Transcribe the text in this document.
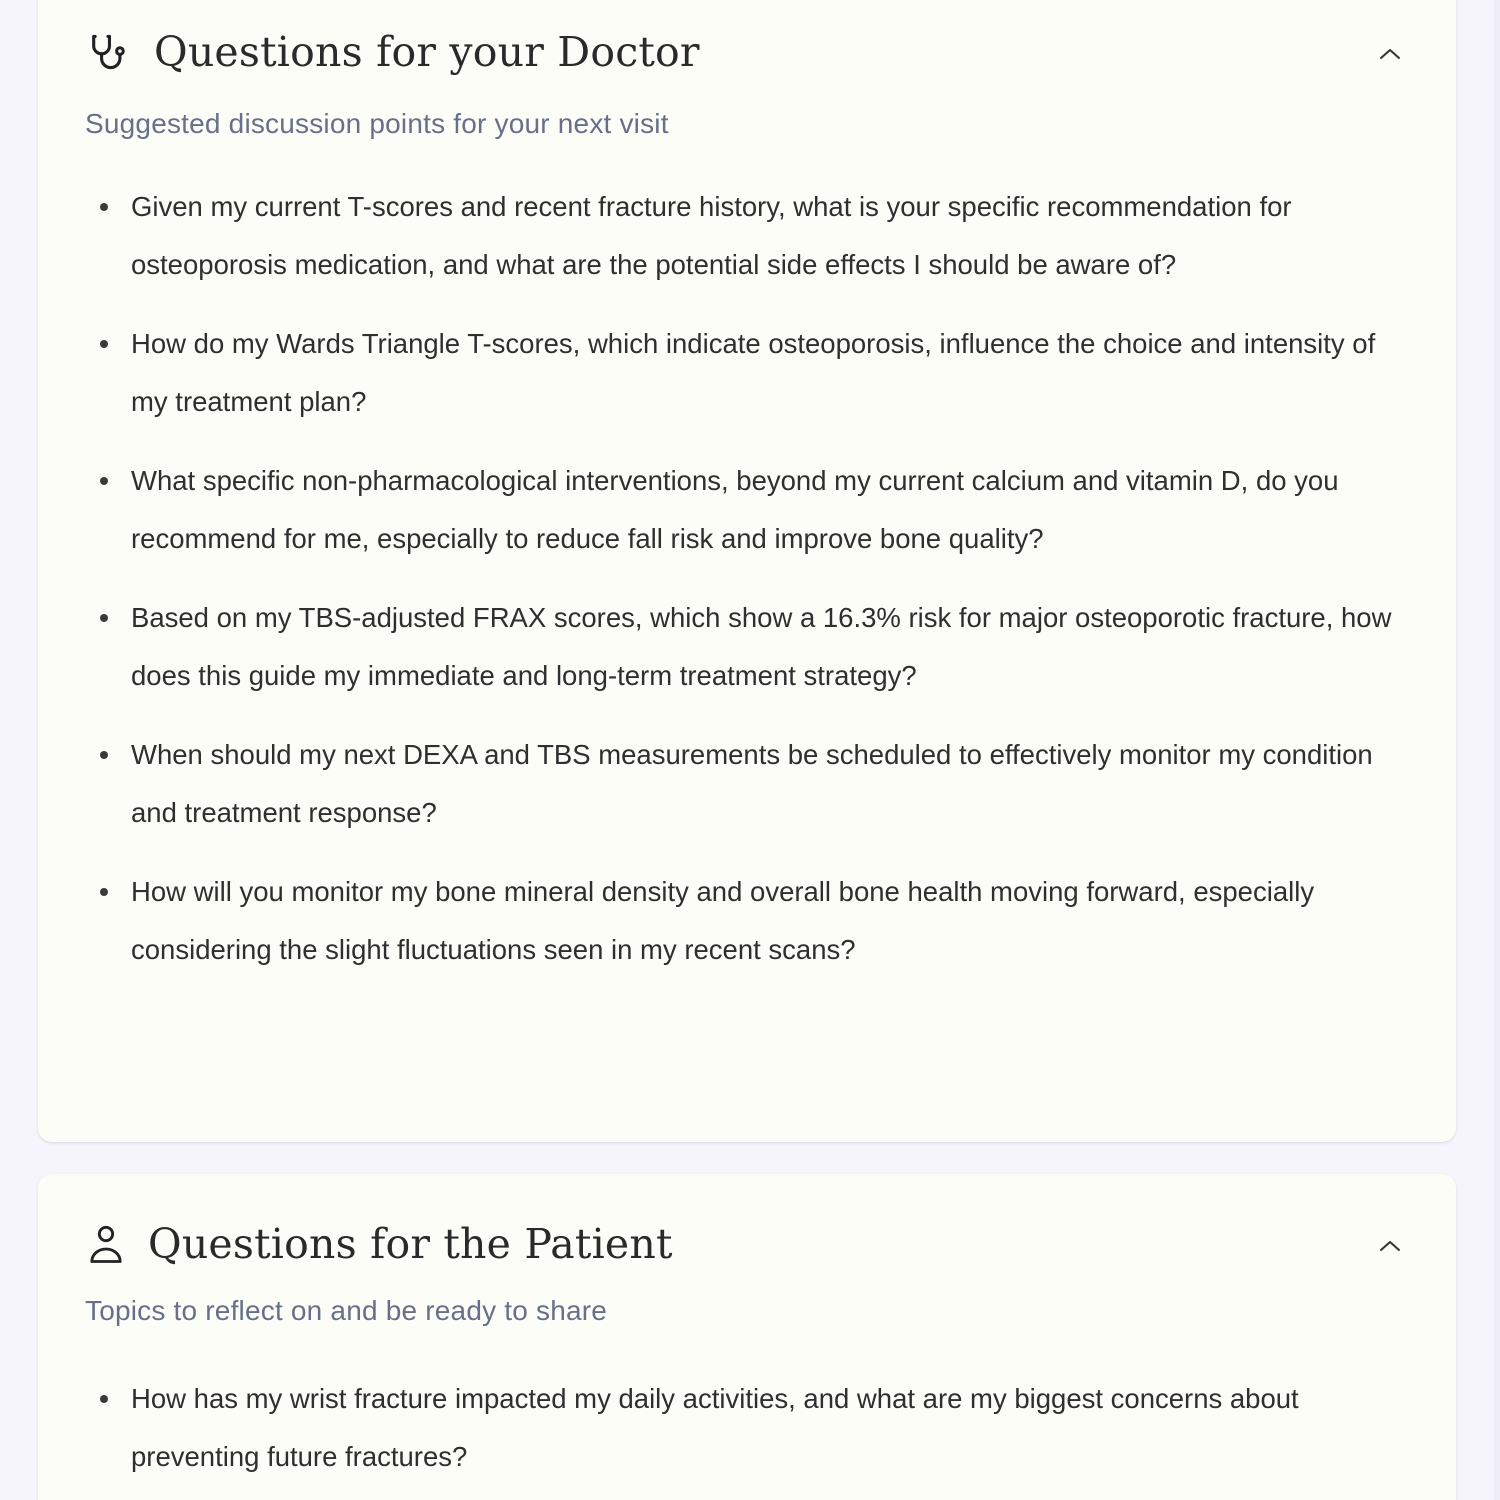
Questions for your Doctor
Suggested discussion points for your next visit
Given my current T-scores and recent fracture history, what is your specific recommendation for osteoporosis medication, and what are the potential side effects I should be aware of?
How do my Wards Triangle T-scores, which indicate osteoporosis, influence the choice and intensity of my treatment plan?
What specific non-pharmacological interventions, beyond my current calcium and vitamin D, do you recommend for me, especially to reduce fall risk and improve bone quality?
Based on my TBS-adjusted FRAX scores, which show a 16.3% risk for major osteoporotic fracture, how does this guide my immediate and long-term treatment strategy?
When should my next DEXA and TBS measurements be scheduled to effectively monitor my condition and treatment response?
How will you monitor my bone mineral density and overall bone health moving forward, especially considering the slight fluctuations seen in my recent scans?
Questions for the Patient
Topics to reflect on and be ready to share
How has my wrist fracture impacted my daily activities, and what are my biggest concerns about preventing future fractures?
